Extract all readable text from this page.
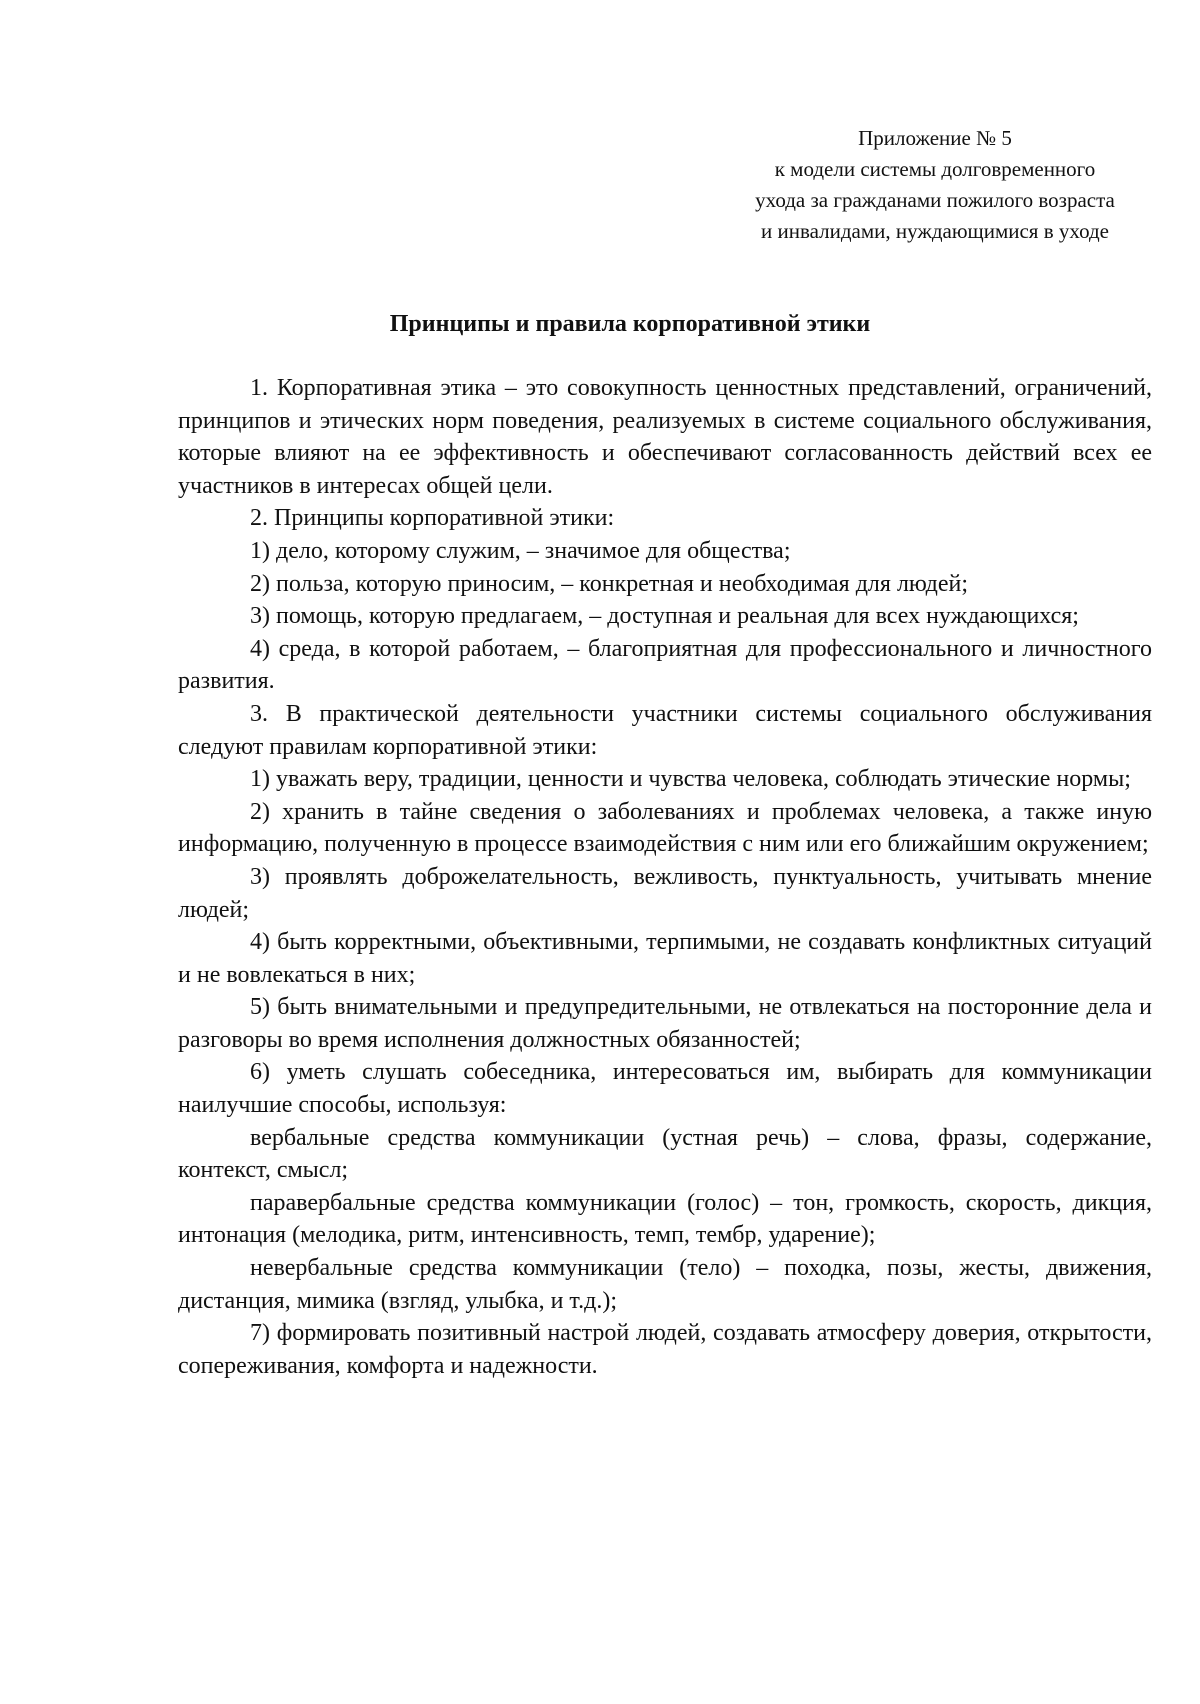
Приложение № 5
к модели системы долговременного
ухода за гражданами пожилого возраста
и инвалидами, нуждающимися в уходе
Принципы и правила корпоративной этики

1. Корпоративная этика – это совокупность ценностных представлений, ограничений, принципов и этических норм поведения, реализуемых в системе социального обслуживания, которые влияют на ее эффективность и обеспечивают согласованность действий всех ее участников в интересах общей цели.

2. Принципы корпоративной этики:

1) дело, которому служим, – значимое для общества;

2) польза, которую приносим, – конкретная и необходимая для людей;

3) помощь, которую предлагаем, – доступная и реальная для всех нуждающихся;

4) среда, в которой работаем, – благоприятная для профессионального и личностного развития.

3. В практической деятельности участники системы социального обслуживания следуют правилам корпоративной этики:

1) уважать веру, традиции, ценности и чувства человека, соблюдать этические нормы;

2) хранить в тайне сведения о заболеваниях и проблемах человека, а также иную информацию, полученную в процессе взаимодействия с ним или его ближайшим окружением;

3) проявлять доброжелательность, вежливость, пунктуальность, учитывать мнение людей;

4) быть корректными, объективными, терпимыми, не создавать конфликтных ситуаций и не вовлекаться в них;

5) быть внимательными и предупредительными, не отвлекаться на посторонние дела и разговоры во время исполнения должностных обязанностей;

6) уметь слушать собеседника, интересоваться им, выбирать для коммуникации наилучшие способы, используя:

вербальные средства коммуникации (устная речь) – слова, фразы, содержание, контекст, смысл;

паравербальные средства коммуникации (голос) – тон, громкость, скорость, дикция, интонация (мелодика, ритм, интенсивность, темп, тембр, ударение);

невербальные средства коммуникации (тело) – походка, позы, жесты, движения, дистанция, мимика (взгляд, улыбка, и т.д.);

7) формировать позитивный настрой людей, создавать атмосферу доверия, открытости, сопереживания, комфорта и надежности.
